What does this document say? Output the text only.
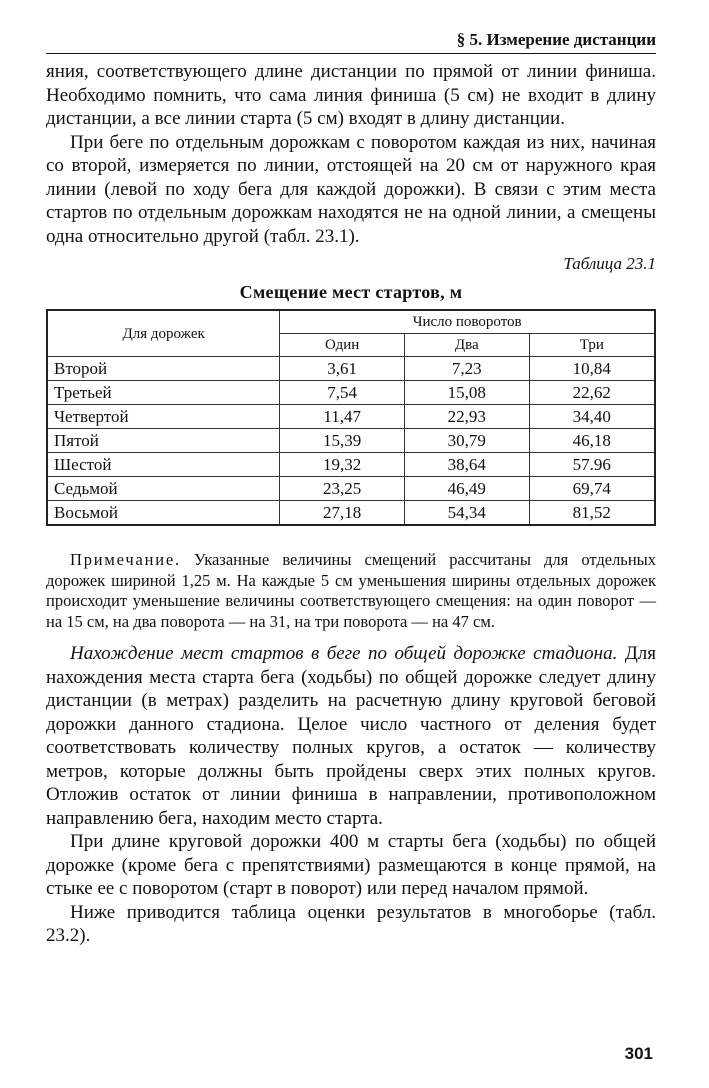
§ 5. Измерение дистанции

яния, соответствующего длине дистанции по прямой от линии финиша. Необходимо помнить, что сама линия финиша (5 см) не входит в длину дистанции, а все линии старта (5 см) входят в длину дистанции.

При беге по отдельным дорожкам с поворотом каждая из них, начиная со второй, измеряется по линии, отстоящей на 20 см от наружного края линии (левой по ходу бега для каждой дорожки). В связи с этим места стартов по отдельным дорожкам находятся не на одной линии, а смещены одна относительно другой (табл. 23.1).

Таблица 23.1
Смещение мест стартов, м
Для дорожек	Число поворотов		
	Один	Два	Три
Второй	3,61	7,23	10,84
Третьей	7,54	15,08	22,62
Четвертой	11,47	22,93	34,40
Пятой	15,39	30,79	46,18
Шестой	19,32	38,64	57.96
Седьмой	23,25	46,49	69,74
Восьмой	27,18	54,34	81,52
Примечание. Указанные величины смещений рассчитаны для отдельных дорожек шириной 1,25 м. На каждые 5 см уменьшения ширины отдельных дорожек происходит уменьшение величины соответствующего смещения: на один поворот — на 15 см, на два поворота — на 31, на три поворота — на 47 см.

Нахождение мест стартов в беге по общей дорожке стадиона. Для нахождения места старта бега (ходьбы) по общей дорожке следует длину дистанции (в метрах) разделить на расчетную длину круговой беговой дорожки данного стадиона. Целое число частного от деления будет соответствовать количеству полных кругов, а остаток — количеству метров, которые должны быть пройдены сверх этих полных кругов. Отложив остаток от линии финиша в направлении, противоположном направлению бега, находим место старта.

При длине круговой дорожки 400 м старты бега (ходьбы) по общей дорожке (кроме бега с препятствиями) размещаются в конце прямой, на стыке ее с поворотом (старт в поворот) или перед началом прямой.

Ниже приводится таблица оценки результатов в многоборье (табл. 23.2).

301
